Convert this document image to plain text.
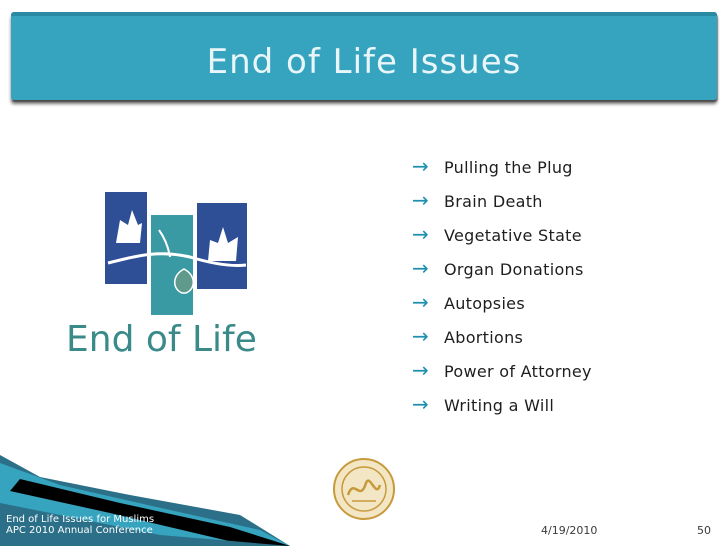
End of Life Issues
End of Life
→ Pulling the Plug
→ Brain Death
→ Vegetative State
→ Organ Donations
→ Autopsies
→ Abortions
→ Power of Attorney
→ Writing a Will
End of Life Issues for Muslims
APC 2010 Annual Conference	4/19/2010	50
